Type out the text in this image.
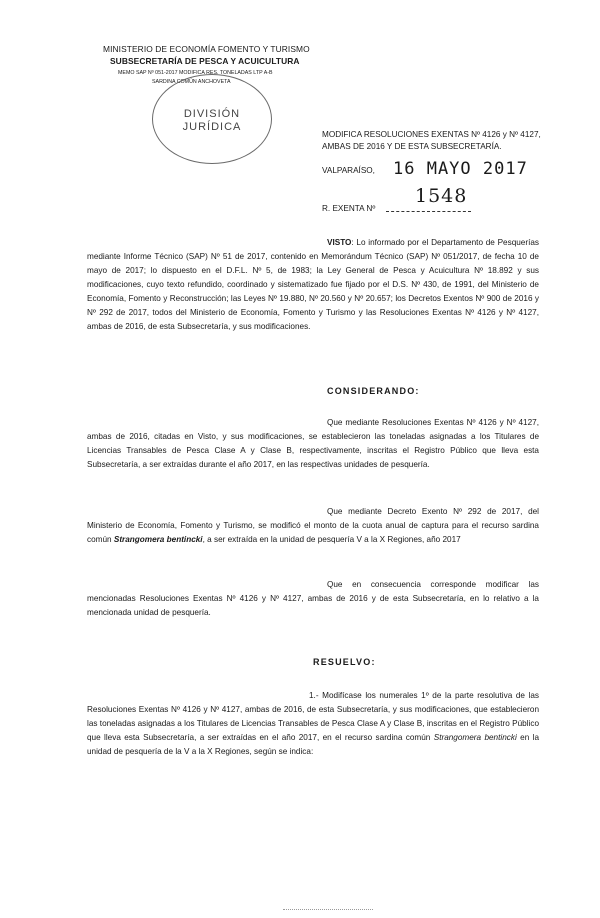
MINISTERIO DE ECONOMÍA FOMENTO Y TURISMO
SUBSECRETARÍA DE PESCA Y ACUICULTURA
MEMO SAP Nº 051-2017 MODIFICA RES. TONELADAS LTP A-B
SARDINA COMÚN ANCHOVETA
DIVISIÓN
JURÍDICA
MODIFICA RESOLUCIONES EXENTAS Nº 4126 y Nº 4127, AMBAS DE 2016 Y DE ESTA SUBSECRETARÍA.
VALPARAÍSO, 16 MAYO 2017
R. EXENTA Nº
1548
VISTO: Lo informado por el Departamento de Pesquerías mediante Informe Técnico (SAP) Nº 51 de 2017, contenido en Memorándum Técnico (SAP) Nº 051/2017, de fecha 10 de mayo de 2017; lo dispuesto en el D.F.L. Nº 5, de 1983; la Ley General de Pesca y Acuicultura Nº 18.892 y sus modificaciones, cuyo texto refundido, coordinado y sistematizado fue fijado por el D.S. Nº 430, de 1991, del Ministerio de Economía, Fomento y Reconstrucción; las Leyes Nº 19.880, Nº 20.560 y Nº 20.657; los Decretos Exentos Nº 900 de 2016 y Nº 292 de 2017, todos del Ministerio de Economía, Fomento y Turismo y las Resoluciones Exentas Nº 4126 y Nº 4127, ambas de 2016, de esta Subsecretaría, y sus modificaciones.
CONSIDERANDO:
Que mediante Resoluciones Exentas Nº 4126 y Nº 4127, ambas de 2016, citadas en Visto, y sus modificaciones, se establecieron las toneladas asignadas a los Titulares de Licencias Transables de Pesca Clase A y Clase B, respectivamente, inscritas el Registro Público que lleva esta Subsecretaría, a ser extraídas durante el año 2017, en las respectivas unidades de pesquería.
Que mediante Decreto Exento Nº 292 de 2017, del Ministerio de Economía, Fomento y Turismo, se modificó el monto de la cuota anual de captura para el recurso sardina común Strangomera bentincki, a ser extraída en la unidad de pesquería V a la X Regiones, año 2017
Que en consecuencia corresponde modificar las mencionadas Resoluciones Exentas Nº 4126 y Nº 4127, ambas de 2016 y de esta Subsecretaría, en lo relativo a la mencionada unidad de pesquería.
RESUELVO:
1.- Modifícase los numerales 1º de la parte resolutiva de las Resoluciones Exentas Nº 4126 y Nº 4127, ambas de 2016, de esta Subsecretaría, y sus modificaciones, que establecieron las toneladas asignadas a los Titulares de Licencias Transables de Pesca Clase A y Clase B, inscritas en el Registro Público que lleva esta Subsecretaría, a ser extraídas en el año 2017, en el recurso sardina común Strangomera bentincki en la unidad de pesquería de la V a la X Regiones, según se indica:
